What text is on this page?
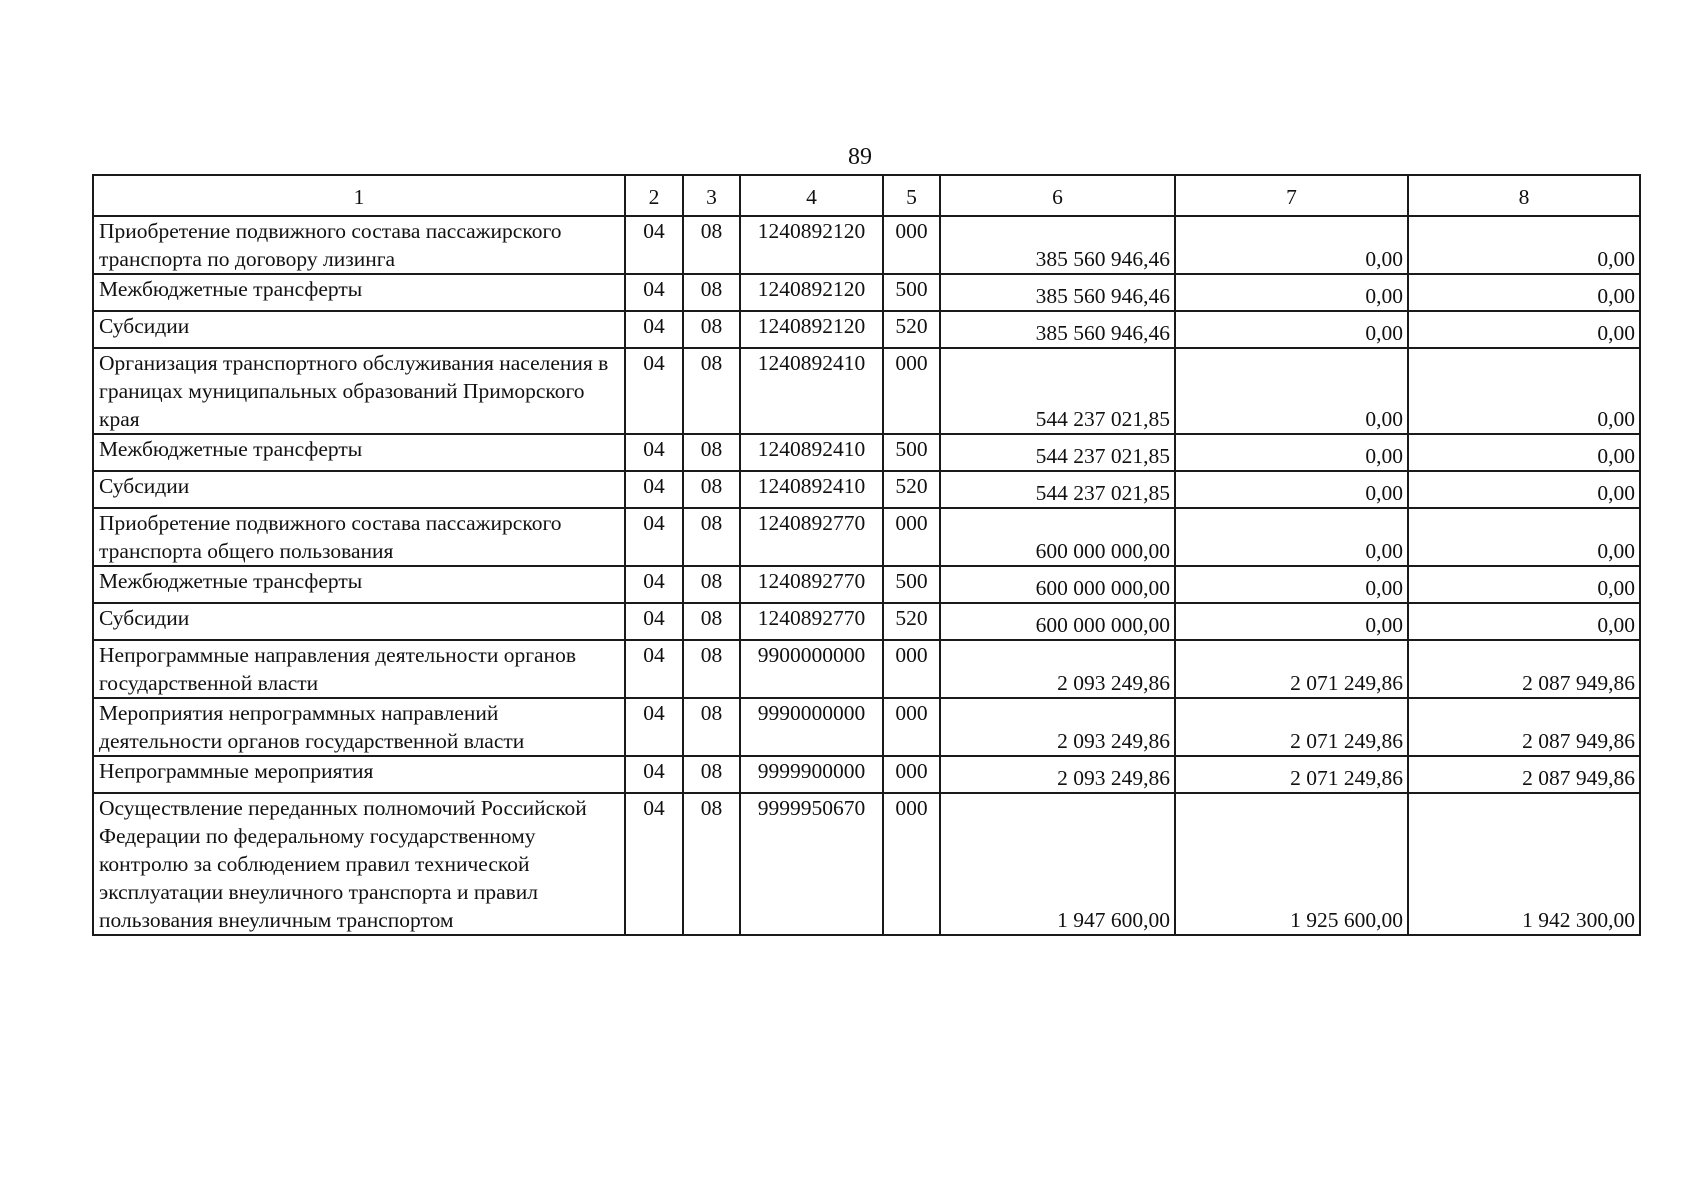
89
1	2	3	4	5	6	7	8
Приобретение подвижного состава пассажирского транспорта по договору лизинга	04	08	1240892120	000	385 560 946,46	0,00	0,00
Межбюджетные трансферты	04	08	1240892120	500	385 560 946,46	0,00	0,00
Субсидии	04	08	1240892120	520	385 560 946,46	0,00	0,00
Организация транспортного обслуживания населения в границах муниципальных образований Приморского края	04	08	1240892410	000	544 237 021,85	0,00	0,00
Межбюджетные трансферты	04	08	1240892410	500	544 237 021,85	0,00	0,00
Субсидии	04	08	1240892410	520	544 237 021,85	0,00	0,00
Приобретение подвижного состава пассажирского транспорта общего пользования	04	08	1240892770	000	600 000 000,00	0,00	0,00
Межбюджетные трансферты	04	08	1240892770	500	600 000 000,00	0,00	0,00
Субсидии	04	08	1240892770	520	600 000 000,00	0,00	0,00
Непрограммные направления деятельности органов государственной власти	04	08	9900000000	000	2 093 249,86	2 071 249,86	2 087 949,86
Мероприятия непрограммных направлений деятельности органов государственной власти	04	08	9990000000	000	2 093 249,86	2 071 249,86	2 087 949,86
Непрограммные мероприятия	04	08	9999900000	000	2 093 249,86	2 071 249,86	2 087 949,86
Осуществление переданных полномочий Российской Федерации по федеральному государственному контролю за соблюдением правил технической эксплуатации внеуличного транспорта и правил пользования внеуличным транспортом	04	08	9999950670	000	1 947 600,00	1 925 600,00	1 942 300,00
